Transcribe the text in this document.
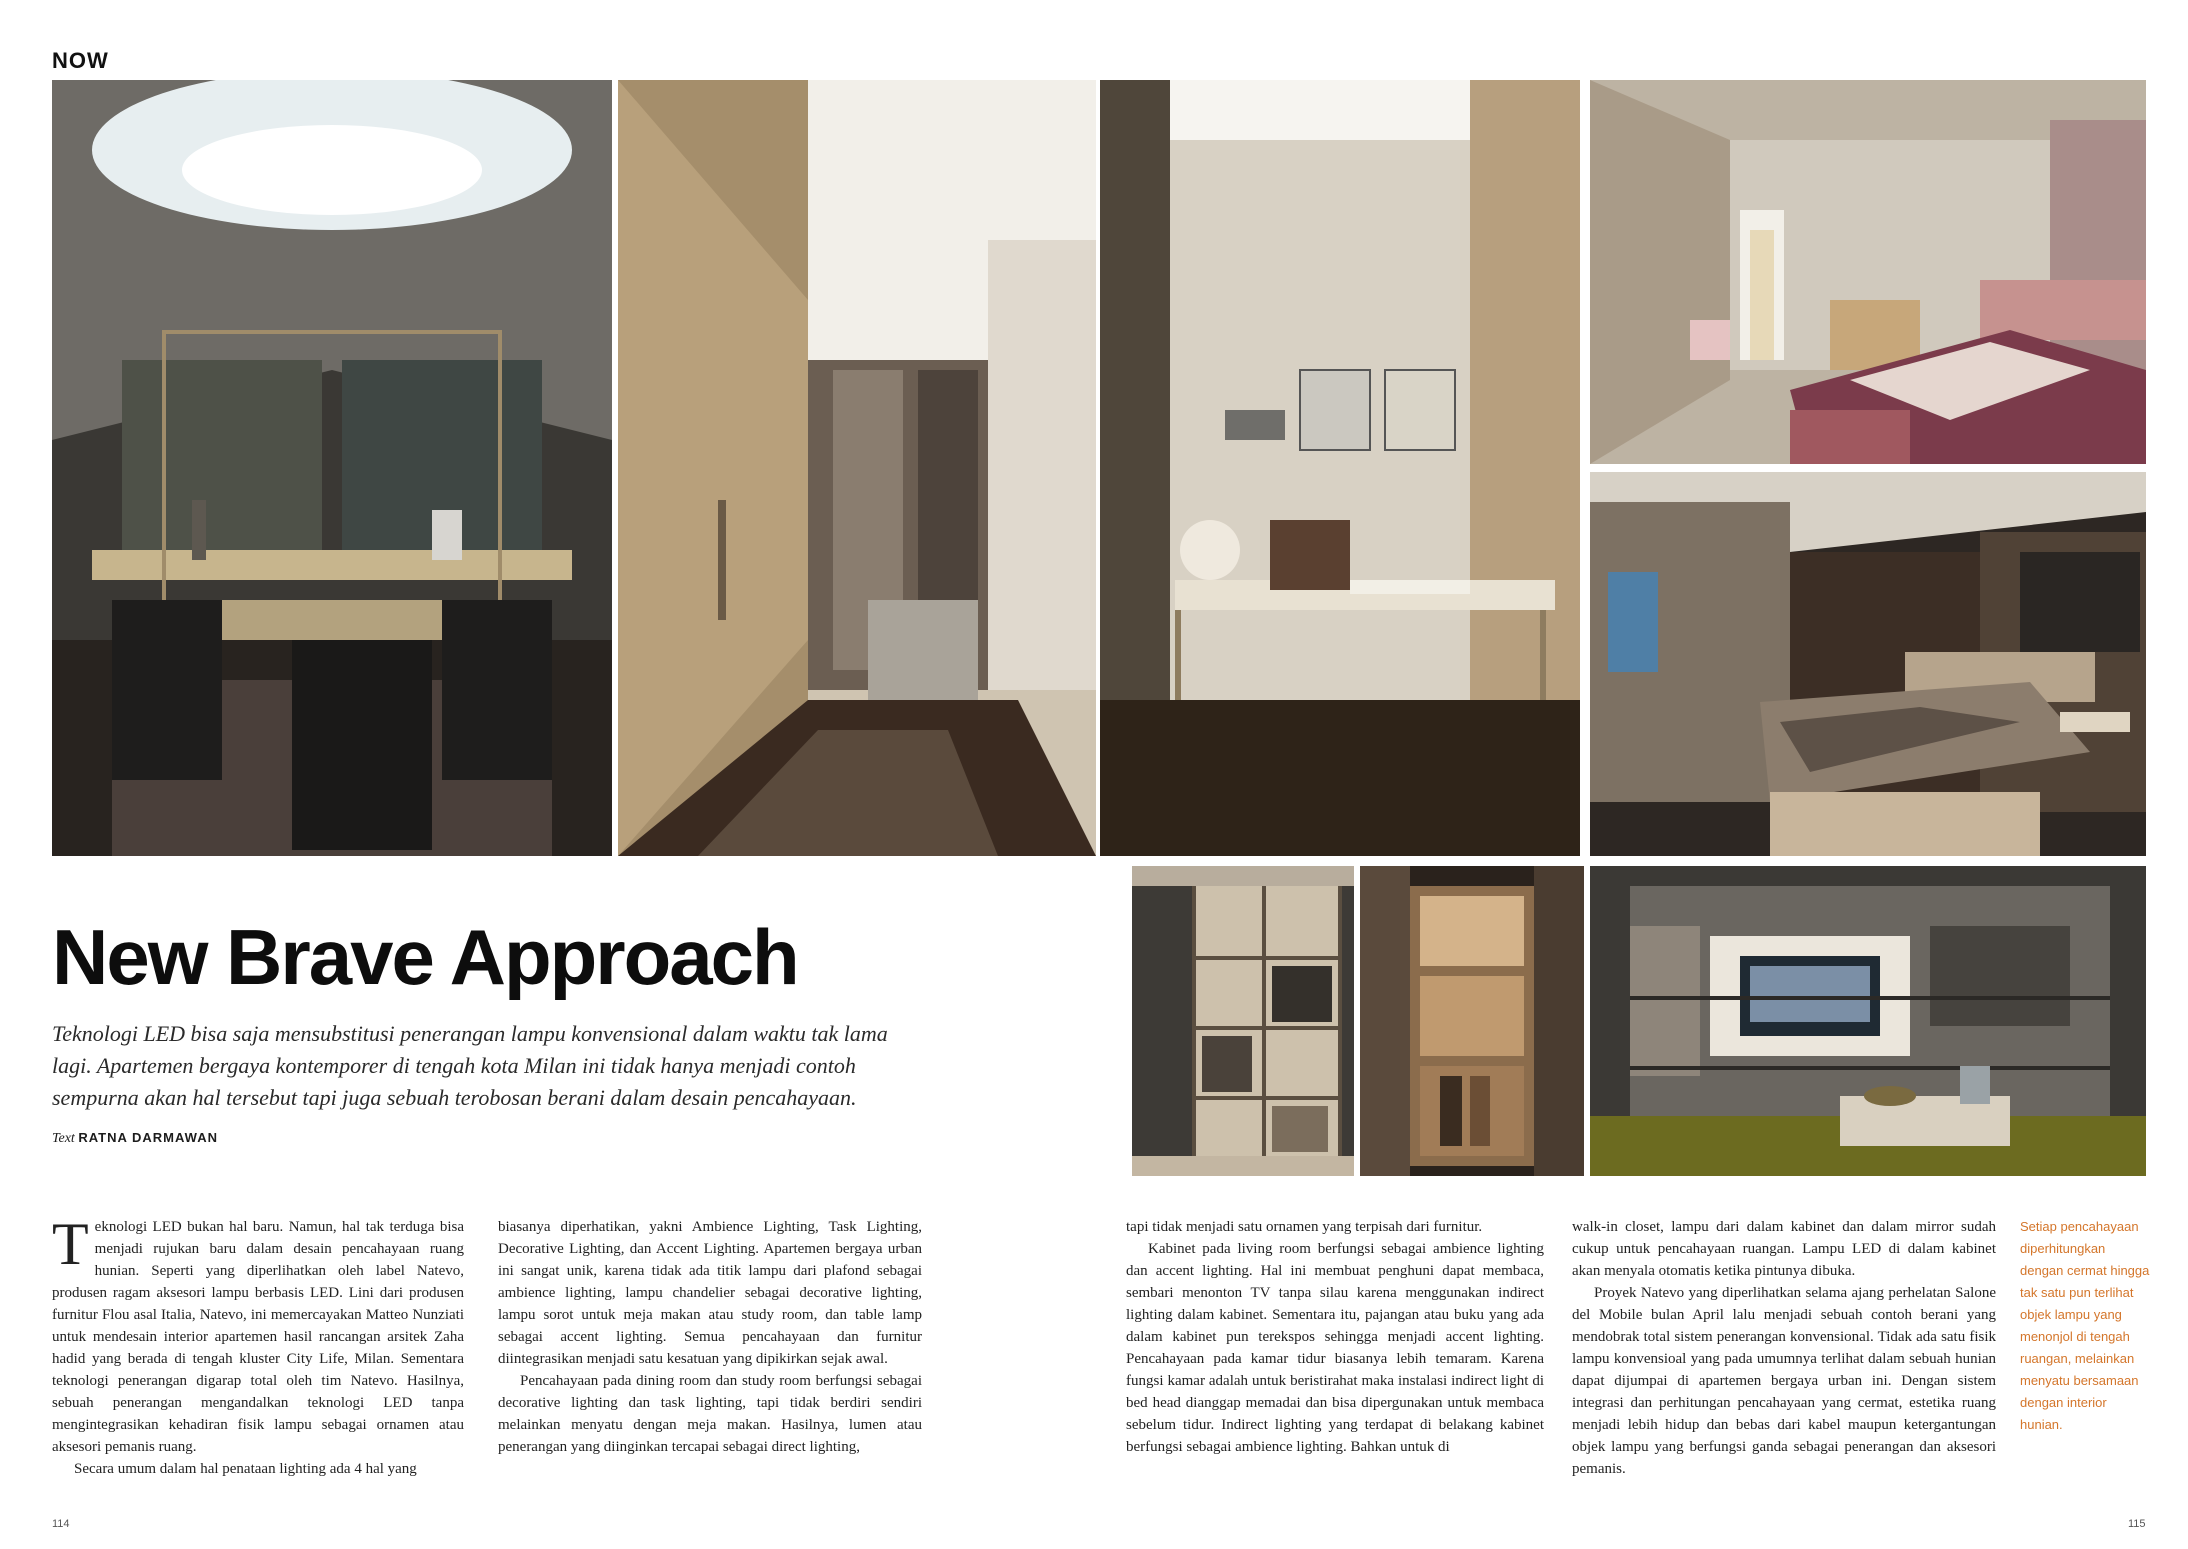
NOW
New Brave Approach
Teknologi LED bisa saja mensubstitusi penerangan lampu konvensional dalam waktu tak lama lagi. Apartemen bergaya kontemporer di tengah kota Milan ini tidak hanya menjadi contoh sempurna akan hal tersebut tapi juga sebuah terobosan berani dalam desain pencahayaan.
Text RATNA DARMAWAN

Teknologi LED bukan hal baru. Namun, hal tak terduga bisa menjadi rujukan baru dalam desain pencahayaan ruang hunian. Seperti yang diperlihatkan oleh label Natevo, produsen ragam aksesori lampu berbasis LED. Lini dari produsen furnitur Flou asal Italia, Natevo, ini memercayakan Matteo Nunziati untuk mendesain interior apartemen hasil rancangan arsitek Zaha hadid yang berada di tengah kluster City Life, Milan. Sementara teknologi penerangan digarap total oleh tim Natevo. Hasilnya, sebuah penerangan mengandalkan teknologi LED tanpa mengintegrasikan kehadiran fisik lampu sebagai ornamen atau aksesori pemanis ruang.

Secara umum dalam hal penataan lighting ada 4 hal yang

biasanya diperhatikan, yakni Ambience Lighting, Task Lighting, Decorative Lighting, dan Accent Lighting. Apartemen bergaya urban ini sangat unik, karena tidak ada titik lampu dari plafond sebagai ambience lighting, lampu chandelier sebagai decorative lighting, lampu sorot untuk meja makan atau study room, dan table lamp sebagai accent lighting. Semua pencahayaan dan furnitur diintegrasikan menjadi satu kesatuan yang dipikirkan sejak awal.

Pencahayaan pada dining room dan study room berfungsi sebagai decorative lighting dan task lighting, tapi tidak berdiri sendiri melainkan menyatu dengan meja makan. Hasilnya, lumen atau penerangan yang diinginkan tercapai sebagai direct lighting,

tapi tidak menjadi satu ornamen yang terpisah dari furnitur.

Kabinet pada living room berfungsi sebagai ambience lighting dan accent lighting. Hal ini membuat penghuni dapat membaca, sembari menonton TV tanpa silau karena menggunakan indirect lighting dalam kabinet. Sementara itu, pajangan atau buku yang ada dalam kabinet pun terekspos sehingga menjadi accent lighting. Pencahayaan pada kamar tidur biasanya lebih temaram. Karena fungsi kamar adalah untuk beristirahat maka instalasi indirect light di bed head dianggap memadai dan bisa dipergunakan untuk membaca sebelum tidur. Indirect lighting yang terdapat di belakang kabinet berfungsi sebagai ambience lighting. Bahkan untuk di

walk-in closet, lampu dari dalam kabinet dan dalam mirror sudah cukup untuk pencahayaan ruangan. Lampu LED di dalam kabinet akan menyala otomatis ketika pintunya dibuka.

Proyek Natevo yang diperlihatkan selama ajang perhelatan Salone del Mobile bulan April lalu menjadi sebuah contoh berani yang mendobrak total sistem penerangan konvensional. Tidak ada satu fisik lampu konvensioal yang pada umumnya terlihat dalam sebuah hunian dapat dijumpai di apartemen bergaya urban ini. Dengan sistem integrasi dan perhitungan pencahayaan yang cermat, estetika ruang menjadi lebih hidup dan bebas dari kabel maupun ketergantungan objek lampu yang berfungsi ganda sebagai penerangan dan aksesori pemanis.

Setiap pencahayaan diperhitungkan dengan cermat hingga tak satu pun terlihat objek lampu yang menonjol di tengah ruangan, melainkan menyatu bersamaan dengan interior hunian.
114	115
